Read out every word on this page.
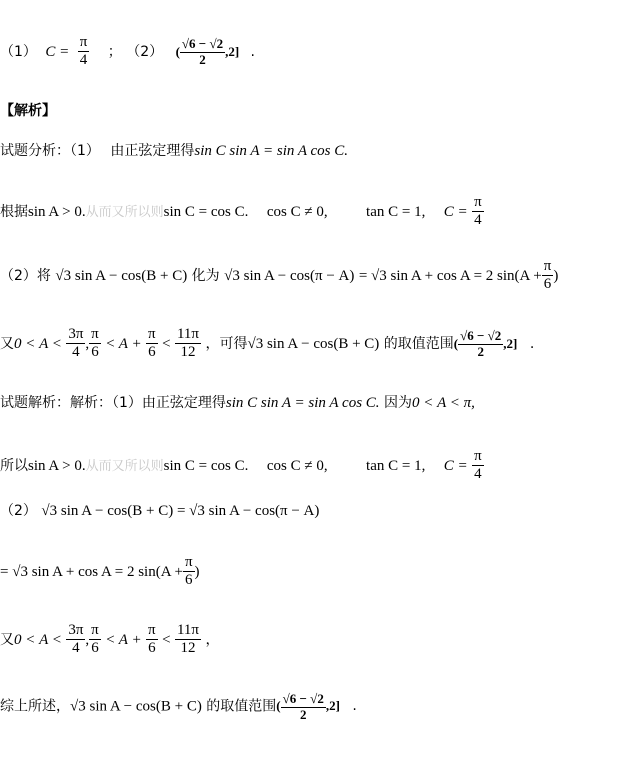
（1） $C = \frac{\pi}{4}$ ； （2） ( $\frac{√6 - √2}{2} ,2$] .
【解析】
试题分析：（1） 由正弦定理得sin C sin A = sin A cos C.
根据sin A > 0.从而又所以则sin C = cos C. cos C ≠ 0,	tan C = 1, $C = \frac{\pi}{4}$
（2）将 √3 sin A − cos(B + C) 化为 √3 sin A − cos(π − A) = √3 sin A + cos A = 2 $\sin(A + \frac{\pi}{6}$ )
又$0 < A < \frac{3\pi}{4}$ , $\frac{\pi}{6} < A + \frac{\pi}{6} < \frac{11\pi}{12}$ ，可得√3 sin A − cos(B + C) 的取值范围( $\frac{√6 - √2}{2} ,2$] .
试题解析：解析：（1）由正弦定理得sin C sin A = sin A cos C. 因为0 < A < π,
所以sin A > 0.从而又所以则sin C = cos C. cos C ≠ 0,	tan C = 1, $C = \frac{\pi}{4}$
（2） √3 sin A − cos(B + C) = √3 sin A − cos(π − A)
= √3 sin A + cos A = 2 $\sin(A + \frac{\pi}{6}$ )
又$0 < A < \frac{3\pi}{4}$ , $\frac{\pi}{6} < A + \frac{\pi}{6} < \frac{11\pi}{12}$ ，
综上所述，√3 sin A − cos(B + C) 的取值范围( $\frac{√6 - √2}{2} ,2$] .
